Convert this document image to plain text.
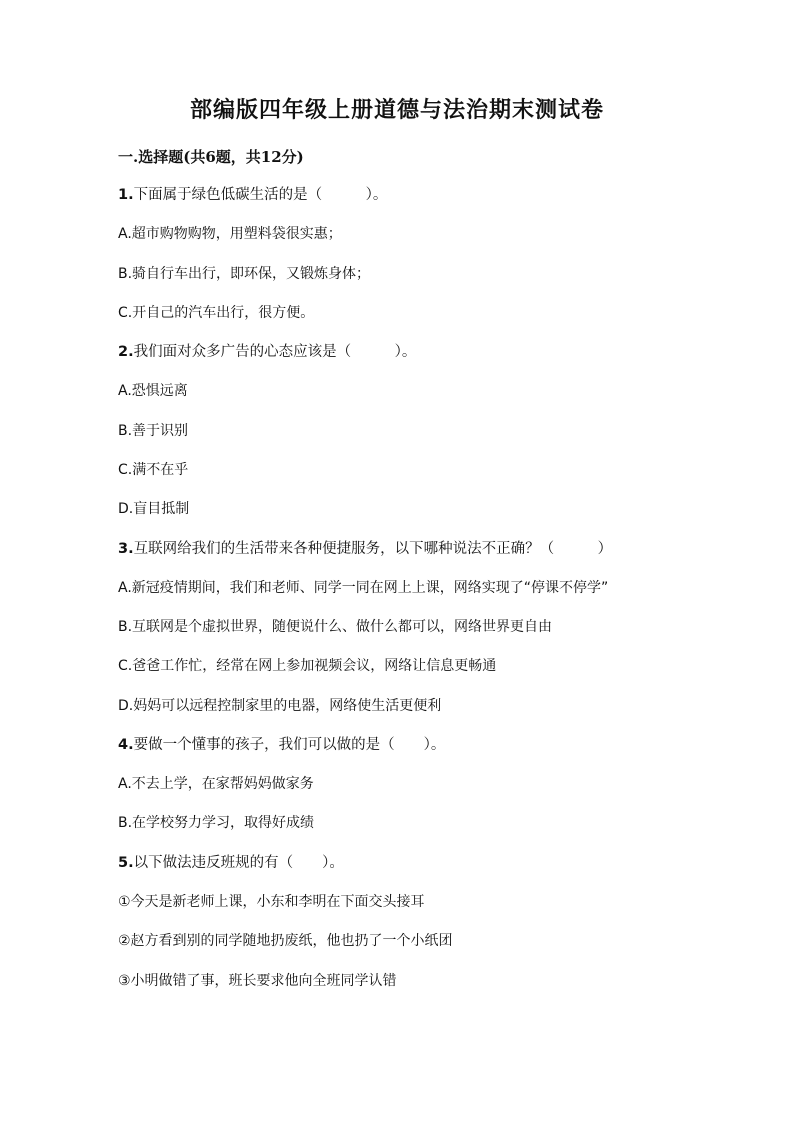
部编版四年级上册道德与法治期末测试卷
一.选择题(共6题，共12分)
1.下面属于绿色低碳生活的是（　　　）。
A.超市购物购物，用塑料袋很实惠；
B.骑自行车出行，即环保，又锻炼身体；
C.开自己的汽车出行，很方便。
2.我们面对众多广告的心态应该是（　　　）。
A.恐惧远离
B.善于识别
C.满不在乎
D.盲目抵制
3.互联网给我们的生活带来各种便捷服务，以下哪种说法不正确？（　　　）
A.新冠疫情期间，我们和老师、同学一同在网上上课，网络实现了“停课不停学”
B.互联网是个虚拟世界，随便说什么、做什么都可以，网络世界更自由
C.爸爸工作忙，经常在网上参加视频会议，网络让信息更畅通
D.妈妈可以远程控制家里的电器，网络使生活更便利
4.要做一个懂事的孩子，我们可以做的是（　　）。
A.不去上学，在家帮妈妈做家务
B.在学校努力学习，取得好成绩
5.以下做法违反班规的有（　　）。
①今天是新老师上课，小东和李明在下面交头接耳
②赵方看到别的同学随地扔废纸，他也扔了一个小纸团
③小明做错了事，班长要求他向全班同学认错
